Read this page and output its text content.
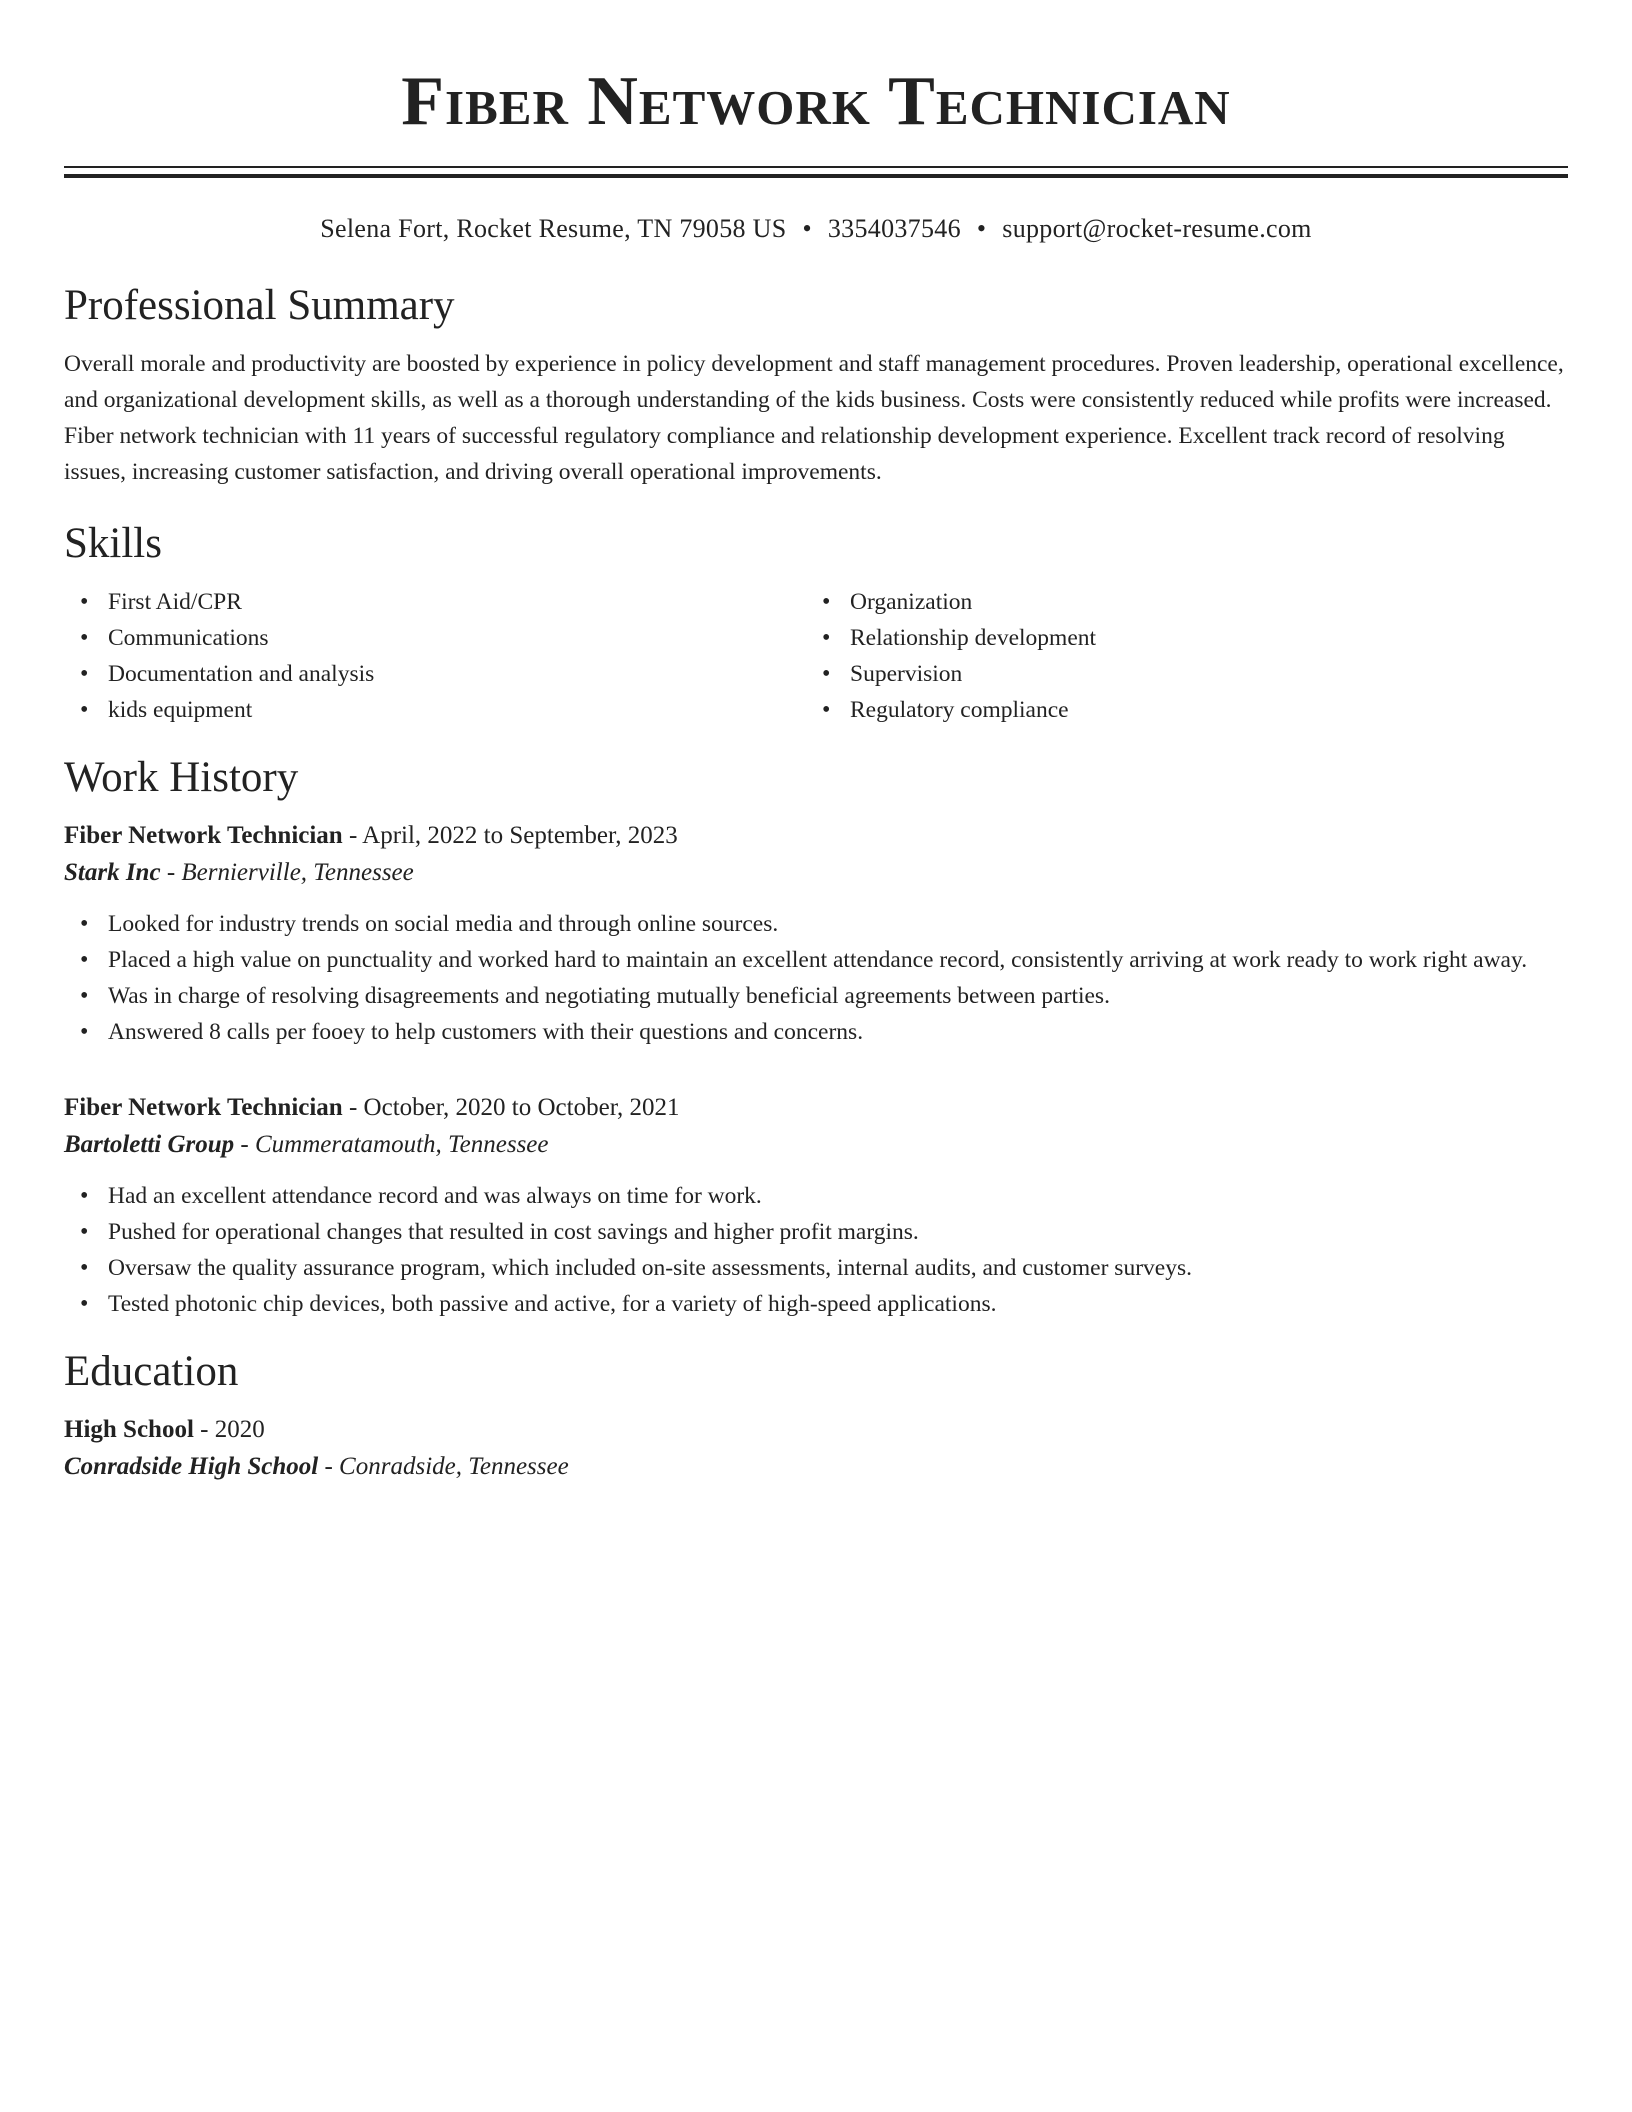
Fiber Network Technician
Selena Fort, Rocket Resume, TN 79058 US • 3354037546 • support@rocket-resume.com
Professional Summary
Overall morale and productivity are boosted by experience in policy development and staff management procedures. Proven leadership, operational excellence, and organizational development skills, as well as a thorough understanding of the kids business. Costs were consistently reduced while profits were increased. Fiber network technician with 11 years of successful regulatory compliance and relationship development experience. Excellent track record of resolving issues, increasing customer satisfaction, and driving overall operational improvements.
Skills
• First Aid/CPR
• Communications
• Documentation and analysis
• kids equipment
• Organization
• Relationship development
• Supervision
• Regulatory compliance
Work History
Fiber Network Technician - April, 2022 to September, 2023
Stark Inc - Bernierville, Tennessee
• Looked for industry trends on social media and through online sources.
• Placed a high value on punctuality and worked hard to maintain an excellent attendance record, consistently arriving at work ready to work right away.
• Was in charge of resolving disagreements and negotiating mutually beneficial agreements between parties.
• Answered 8 calls per fooey to help customers with their questions and concerns.
Fiber Network Technician - October, 2020 to October, 2021
Bartoletti Group - Cummeratamouth, Tennessee
• Had an excellent attendance record and was always on time for work.
• Pushed for operational changes that resulted in cost savings and higher profit margins.
• Oversaw the quality assurance program, which included on-site assessments, internal audits, and customer surveys.
• Tested photonic chip devices, both passive and active, for a variety of high-speed applications.
Education
High School - 2020
Conradside High School - Conradside, Tennessee
